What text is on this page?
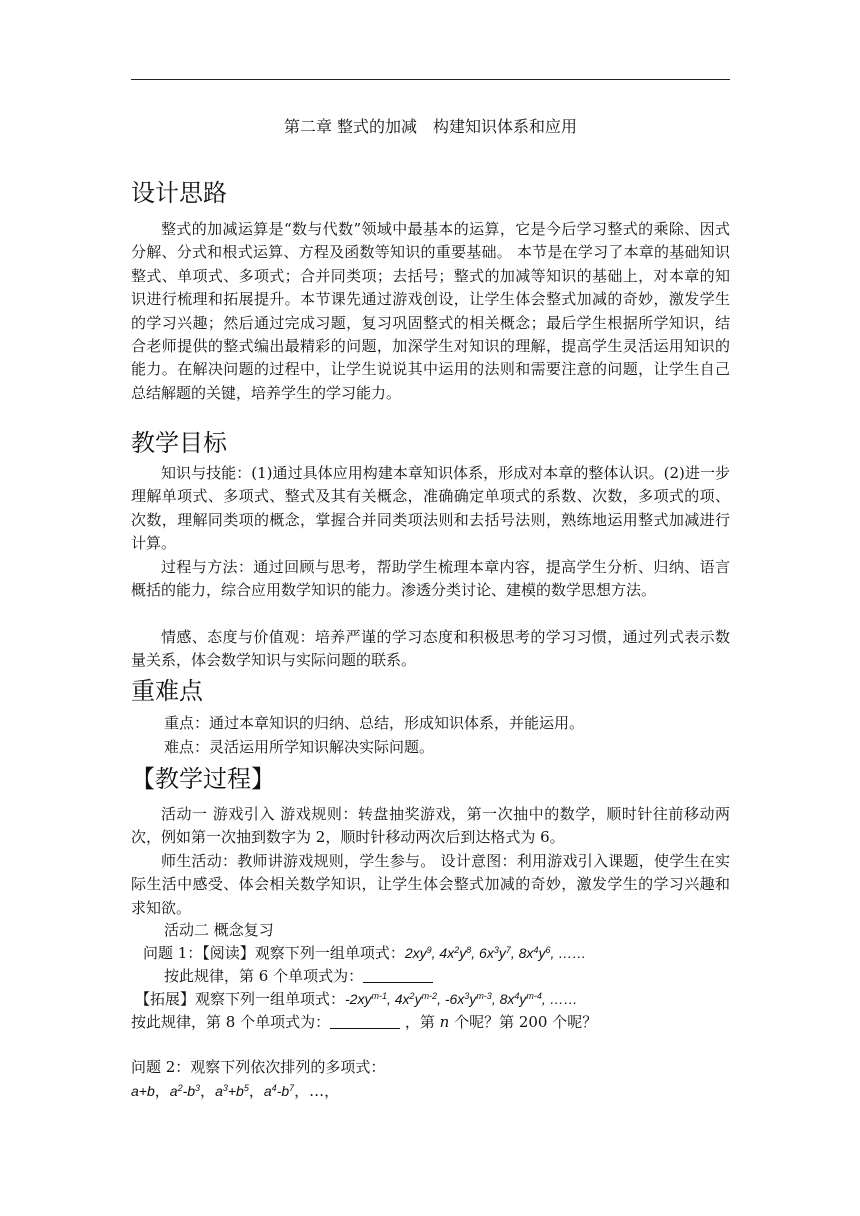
第二章 整式的加减　构建知识体系和应用
设计思路

整式的加减运算是“数与代数”领域中最基本的运算，它是今后学习整式的乘除、因式分解、分式和根式运算、方程及函数等知识的重要基础。 本节是在学习了本章的基础知识整式、单项式、多项式；合并同类项；去括号；整式的加减等知识的基础上，对本章的知识进行梳理和拓展提升。本节课先通过游戏创设，让学生体会整式加减的奇妙，激发学生的学习兴趣；然后通过完成习题，复习巩固整式的相关概念；最后学生根据所学知识，结合老师提供的整式编出最精彩的问题，加深学生对知识的理解，提高学生灵活运用知识的能力。在解决问题的过程中，让学生说说其中运用的法则和需要注意的问题，让学生自己总结解题的关键，培养学生的学习能力。

教学目标

知识与技能：(1)通过具体应用构建本章知识体系，形成对本章的整体认识。(2)进一步理解单项式、多项式、整式及其有关概念，准确确定单项式的系数、次数，多项式的项、次数，理解同类项的概念，掌握合并同类项法则和去括号法则，熟练地运用整式加减进行计算。

过程与方法：通过回顾与思考，帮助学生梳理本章内容，提高学生分析、归纳、语言概括的能力，综合应用数学知识的能力。渗透分类讨论、建模的数学思想方法。

情感、态度与价值观：培养严谨的学习态度和积极思考的学习习惯，通过列式表示数量关系，体会数学知识与实际问题的联系。

重难点

重点：通过本章知识的归纳、总结，形成知识体系，并能运用。

难点：灵活运用所学知识解决实际问题。

【教学过程】

活动一 游戏引入 游戏规则：转盘抽奖游戏，第一次抽中的数学，顺时针往前移动两次，例如第一次抽到数字为 2，顺时针移动两次后到达格式为 6。

师生活动：教师讲游戏规则，学生参与。 设计意图：利用游戏引入课题，使学生在实际生活中感受、体会相关数学知识，让学生体会整式加减的奇妙，激发学生的学习兴趣和求知欲。

活动二 概念复习

问题 1：【阅读】观察下列一组单项式：$2xy^9$, $4x^2y^8$, $6x^3y^7$, $8x^4y^6$, ……

按此规律，第 6 个单项式为：

【拓展】观察下列一组单项式：$-2xy^{m-1}$, $4x^2y^{m-2}$, $-6x^3y^{m-3}$, $8x^4y^{m-4}$, ……

按此规律，第 8 个单项式为：	，第 n 个呢？第 200 个呢？

问题 2：观察下列依次排列的多项式：

a+b，$a^2-b^3$，$a^3+b^5$，$a^4-b^7$，…，
